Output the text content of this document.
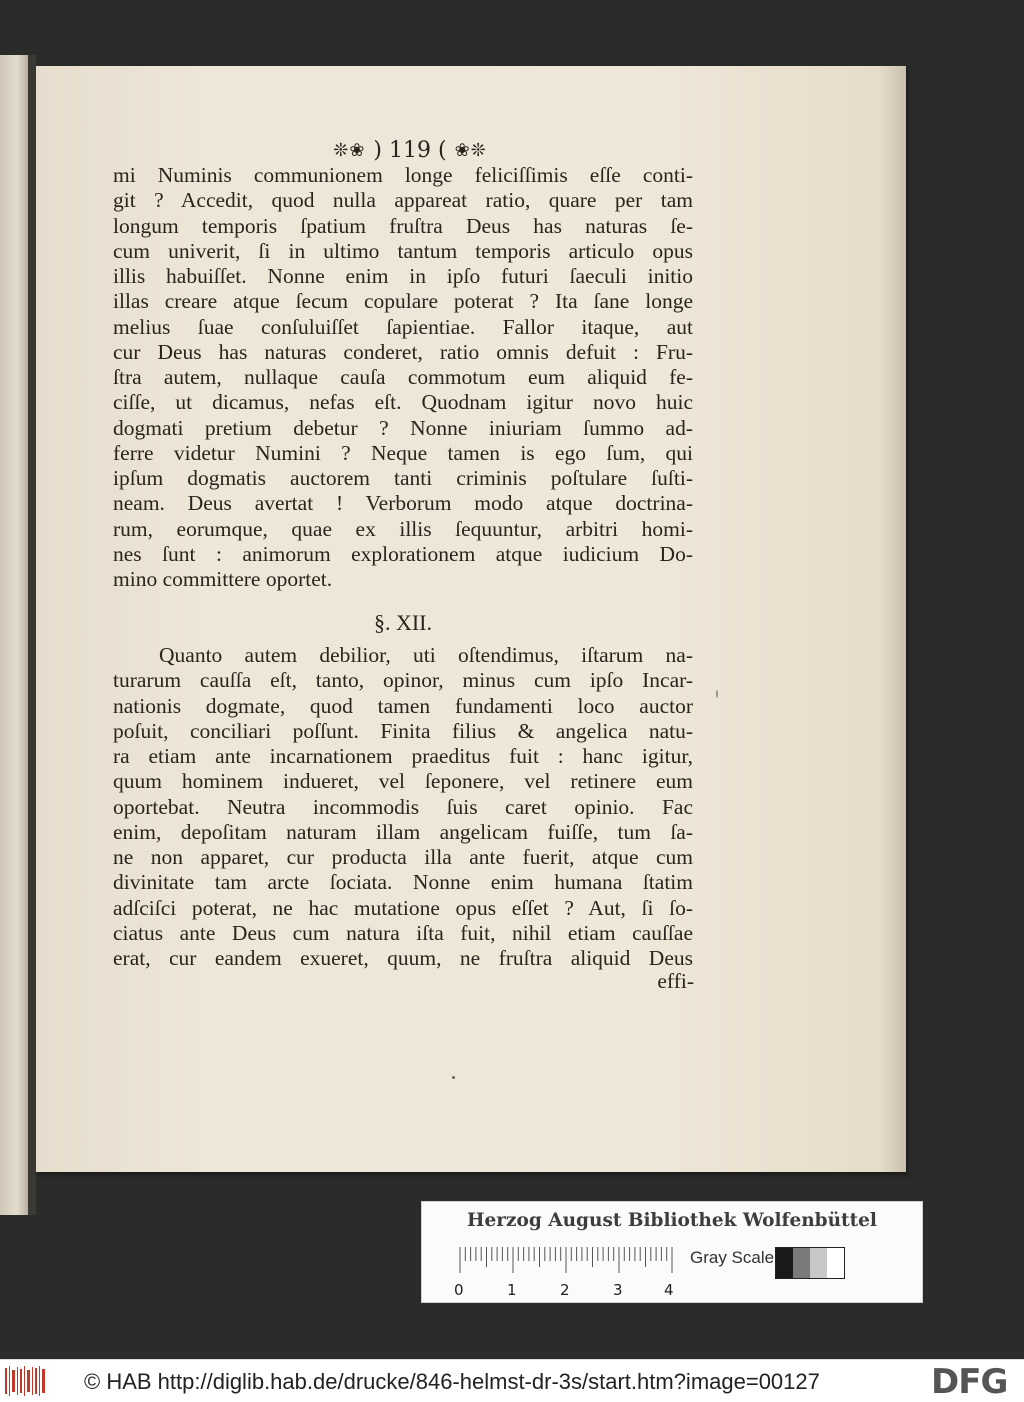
❊❀ ) 119 ( ❀❊
mi Numinis communionem longe feliciſſimis eſſe conti-
git ? Accedit, quod nulla appareat ratio, quare per tam
longum temporis ſpatium fruſtra Deus has naturas ſe-
cum univerit, ſi in ultimo tantum temporis articulo opus
illis habuiſſet. Nonne enim in ipſo futuri ſaeculi initio
illas creare atque ſecum copulare poterat ? Ita ſane longe
melius ſuae conſuluiſſet ſapientiae. Fallor itaque, aut
cur Deus has naturas conderet, ratio omnis defuit : Fru-
ſtra autem, nullaque cauſa commotum eum aliquid fe-
ciſſe, ut dicamus, nefas eſt. Quodnam igitur novo huic
dogmati pretium debetur ? Nonne iniuriam ſummo ad-
ferre videtur Numini ? Neque tamen is ego ſum, qui
ipſum dogmatis auctorem tanti criminis poſtulare ſuſti-
neam. Deus avertat ! Verborum modo atque doctrina-
rum, eorumque, quae ex illis ſequuntur, arbitri homi-
nes ſunt : animorum explorationem atque iudicium Do-
mino committere oportet.
§. XII.
Quanto autem debilior, uti oſtendimus, iſtarum na-
turarum cauſſa eſt, tanto, opinor, minus cum ipſo Incar-
nationis dogmate, quod tamen fundamenti loco auctor
poſuit, conciliari poſſunt. Finita filius & angelica natu-
ra etiam ante incarnationem praeditus fuit : hanc igitur,
quum hominem indueret, vel ſeponere, vel retinere eum
oportebat. Neutra incommodis ſuis caret opinio. Fac
enim, depoſitam naturam illam angelicam fuiſſe, tum ſa-
ne non apparet, cur producta illa ante fuerit, atque cum
divinitate tam arcte ſociata. Nonne enim humana ſtatim
adſciſci poterat, ne hac mutatione opus eſſet ? Aut, ſi ſo-
ciatus ante Deus cum natura iſta fuit, nihil etiam cauſſae
erat, cur eandem exueret, quum, ne fruſtra aliquid Deus
effi-
Herzog August Bibliothek Wolfenbüttel
0	1	2	3	4
Gray Scale
© HAB http://diglib.hab.de/drucke/846-helmst-dr-3s/start.htm?image=00127	DFG
